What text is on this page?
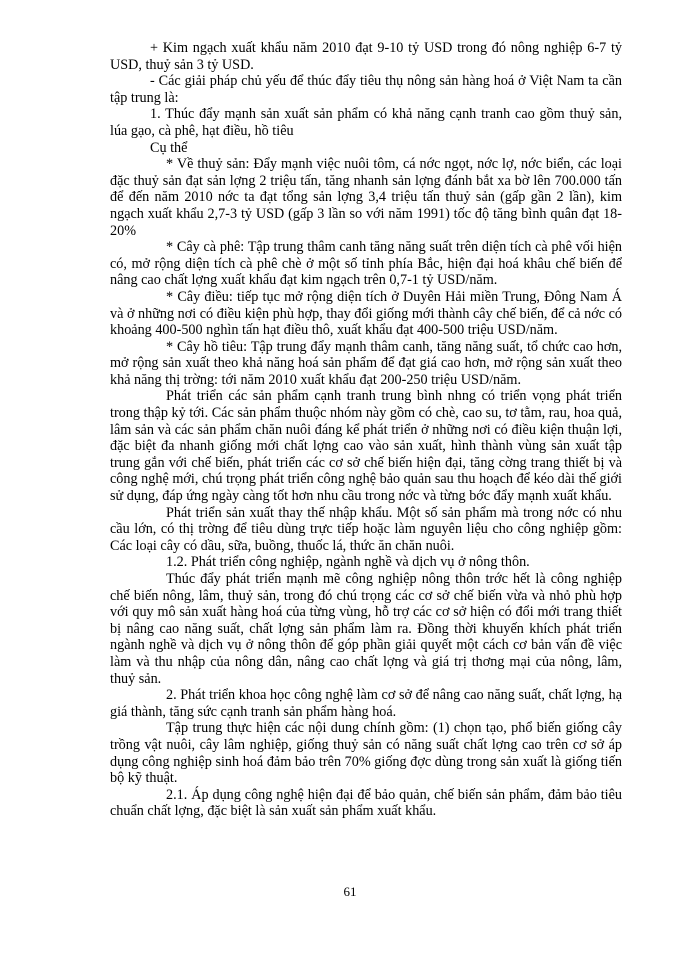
+ Kim ngạch xuất khẩu năm 2010 đạt 9-10 tỷ USD trong đó nông nghiệp 6-7 tỷ USD, thuỷ sản 3 tỷ USD.

- Các giải pháp chủ yếu để thúc đẩy tiêu thụ nông sản hàng hoá ở Việt Nam ta cần tập trung là:

1. Thúc đẩy mạnh sản xuất sản phẩm có khả năng cạnh tranh cao gồm thuỷ sản, lúa gạo, cà phê, hạt điều, hồ tiêu

Cụ thể

* Về thuỷ sản: Đẩy mạnh việc nuôi tôm, cá nớc ngọt, nớc lợ, nớc biển, các loại đặc thuỷ sản đạt sản lợng 2 triệu tấn, tăng nhanh sản lợng đánh bắt xa bờ lên 700.000 tấn để đến năm 2010 nớc ta đạt tổng sản lợng 3,4 triệu tấn thuỷ sản (gấp gần 2 lần), kim ngạch xuất khẩu 2,7-3 tỷ USD (gấp 3 lần so với năm 1991) tốc độ tăng bình quân đạt 18-20%

* Cây cà phê: Tập trung thâm canh tăng năng suất trên diện tích cà phê vối hiện có, mở rộng diện tích cà phê chè ở một số tỉnh phía Bắc, hiện đại hoá khâu chế biến để nâng cao chất lợng xuất khẩu đạt kim ngạch trên 0,7-1 tỷ USD/năm.

* Cây điều: tiếp tục mở rộng diện tích ở Duyên Hải miền Trung, Đông Nam Á và ở những nơi có điều kiện phù hợp, thay đổi giống mới thành cây chế biến, để cả nớc có khoảng 400-500 nghìn tấn hạt điều thô, xuất khẩu đạt 400-500 triệu USD/năm.

* Cây hồ tiêu: Tập trung đẩy mạnh thâm canh, tăng năng suất, tổ chức cao hơn, mở rộng sản xuất theo khả năng hoá sản phẩm để đạt giá cao hơn, mở rộng sản xuất theo khả năng thị trờng: tới năm 2010 xuất khẩu đạt 200-250 triệu USD/năm.

Phát triển các sản phẩm cạnh tranh trung bình nhng có triển vọng phát triển trong thập kỷ tới. Các sản phẩm thuộc nhóm này gồm có chè, cao su, tơ tằm, rau, hoa quả, lâm sản và các sản phẩm chăn nuôi đáng kể phát triển ở những nơi có điều kiện thuận lợi, đặc biệt đa nhanh giống mới chất lợng cao vào sản xuất, hình thành vùng sản xuất tập trung gắn với chế biến, phát triển các cơ sở chế biến hiện đại, tăng cờng trang thiết bị và công nghệ mới, chú trọng phát triển công nghệ bảo quản sau thu hoạch để kéo dài thế giới sử dụng, đáp ứng ngày càng tốt hơn nhu cầu trong nớc và từng bớc đẩy mạnh xuất khẩu.

Phát triển sản xuất thay thế nhập khẩu. Một số sản phẩm mà trong nớc có nhu cầu lớn, có thị trờng để tiêu dùng trực tiếp hoặc làm nguyên liệu cho công nghiệp gồm: Các loại cây có dầu, sữa, buồng, thuốc lá, thức ăn chăn nuôi.

1.2. Phát triển công nghiệp, ngành nghề và dịch vụ ở nông thôn.

Thúc đẩy phát triển mạnh mẽ công nghiệp nông thôn trớc hết là công nghiệp chế biến nông, lâm, thuỷ sản, trong đó chú trọng các cơ sở chế biến vừa và nhỏ phù hợp với quy mô sản xuất hàng hoá của từng vùng, hỗ trợ các cơ sở hiện có đổi mới trang thiết bị nâng cao năng suất, chất lợng sản phẩm làm ra. Đồng thời khuyến khích phát triển ngành nghề và dịch vụ ở nông thôn để góp phần giải quyết một cách cơ bản vấn đề việc làm và thu nhập của nông dân, nâng cao chất lợng và giá trị thơng mại của nông, lâm, thuỷ sản.

2. Phát triển khoa học công nghệ làm cơ sở để nâng cao năng suất, chất lợng, hạ giá thành, tăng sức cạnh tranh sản phẩm hàng hoá.

Tập trung thực hiện các nội dung chính gồm: (1) chọn tạo, phổ biến giống cây trồng vật nuôi, cây lâm nghiệp, giống thuỷ sản có năng suất chất lợng cao trên cơ sở áp dụng công nghiệp sinh hoá đảm bảo trên 70% giống đợc dùng trong sản xuất là giống tiến bộ kỹ thuật.

2.1. Áp dụng công nghệ hiện đại để bảo quản, chế biến sản phẩm, đảm bảo tiêu chuẩn chất lợng, đặc biệt là sản xuất sản phẩm xuất khẩu.

61
